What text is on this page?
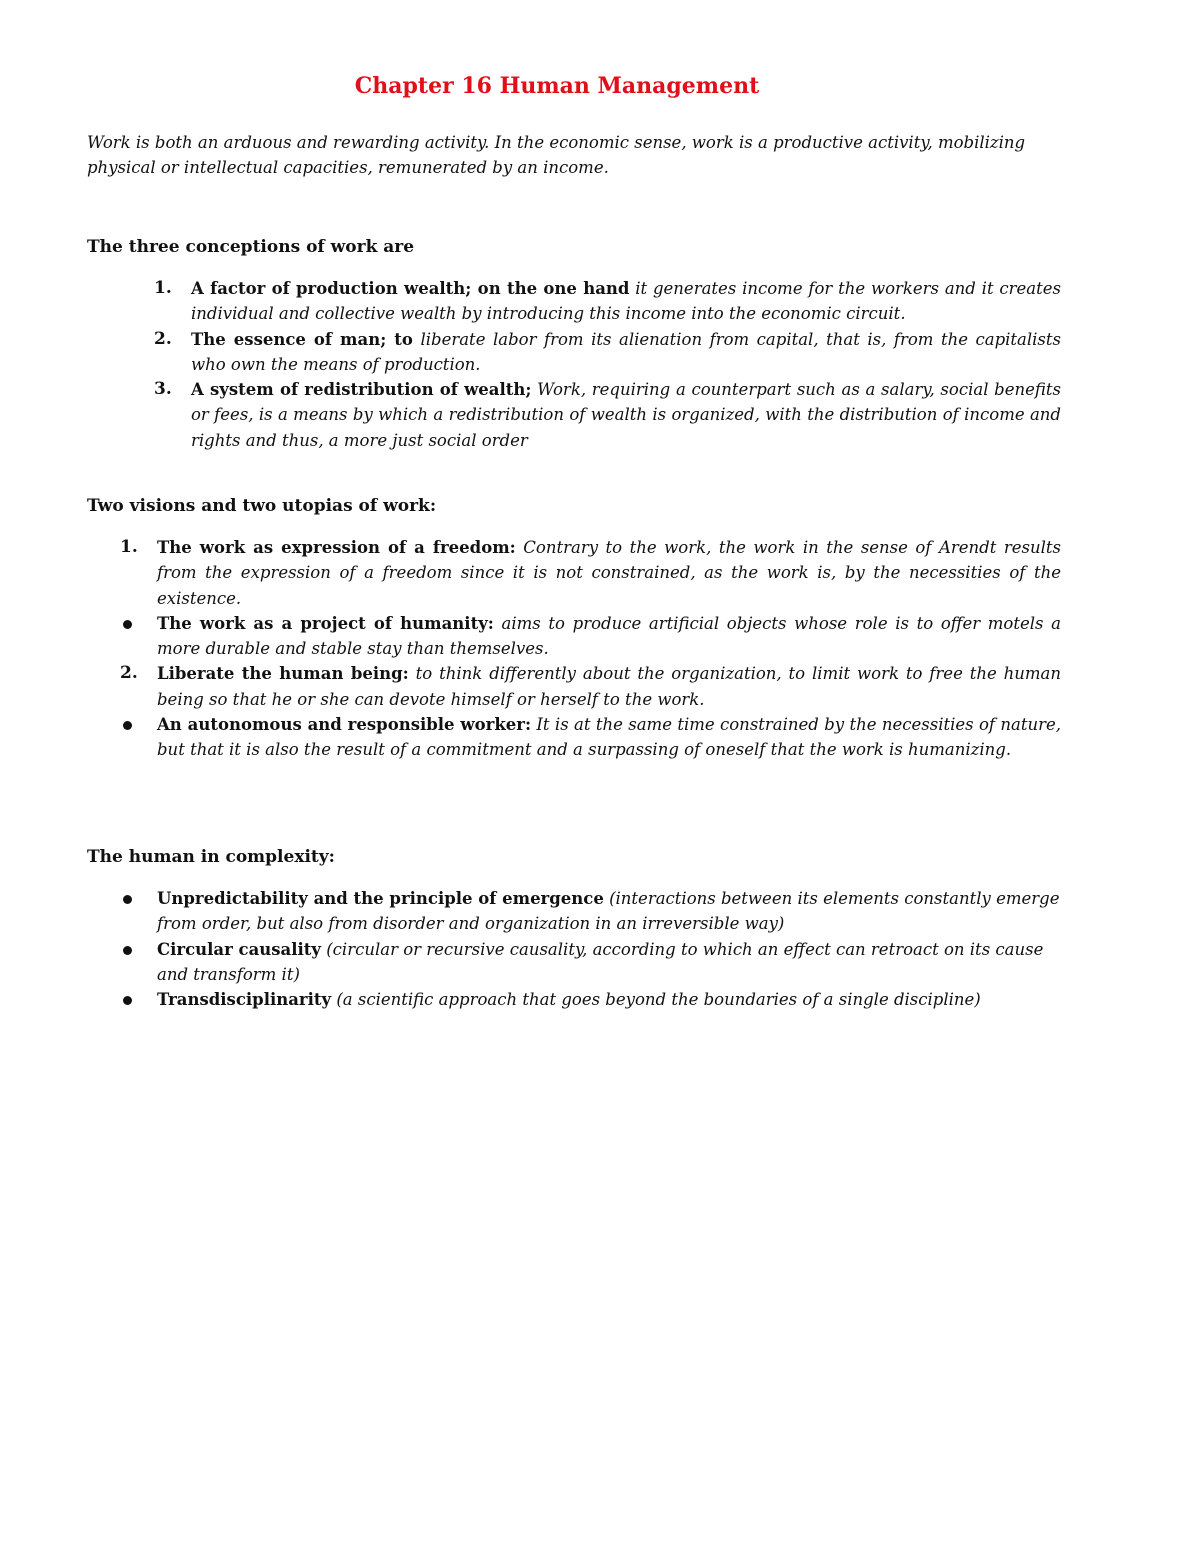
Chapter 16 Human Management

Work is both an arduous and rewarding activity. In the economic sense, work is a productive activity, mobilizing physical or intellectual capacities, remunerated by an income.

The three conceptions of work are

1. A factor of production wealth; on the one hand it generates income for the workers and it creates individual and collective wealth by introducing this income into the economic circuit.
2. The essence of man; to liberate labor from its alienation from capital, that is, from the capitalists who own the means of production.
3. A system of redistribution of wealth; Work, requiring a counterpart such as a salary, social benefits or fees, is a means by which a redistribution of wealth is organized, with the distribution of income and rights and thus, a more just social order

Two visions and two utopias of work:

1. The work as expression of a freedom: Contrary to the work, the work in the sense of Arendt results from the expression of a freedom since it is not constrained, as the work is, by the necessities of the existence.
The work as a project of humanity: aims to produce artificial objects whose role is to offer motels a more durable and stable stay than themselves.
2. Liberate the human being: to think differently about the organization, to limit work to free the human being so that he or she can devote himself or herself to the work.
An autonomous and responsible worker: It is at the same time constrained by the necessities of nature, but that it is also the result of a commitment and a surpassing of oneself that the work is humanizing.

The human in complexity:

Unpredictability and the principle of emergence (interactions between its elements constantly emerge from order, but also from disorder and organization in an irreversible way)
Circular causality (circular or recursive causality, according to which an effect can retroact on its cause and transform it)
Transdisciplinarity (a scientific approach that goes beyond the boundaries of a single discipline)
